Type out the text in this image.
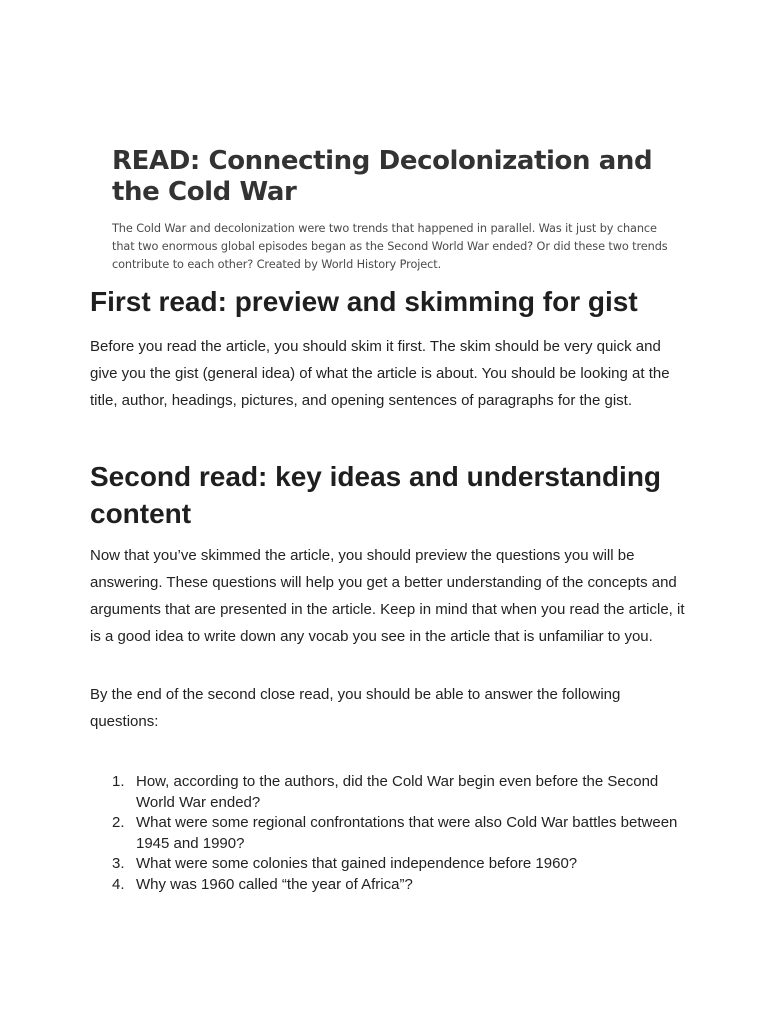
READ: Connecting Decolonization and the Cold War

The Cold War and decolonization were two trends that happened in parallel. Was it just by chance that two enormous global episodes began as the Second World War ended? Or did these two trends contribute to each other? Created by World History Project.

First read: preview and skimming for gist

Before you read the article, you should skim it first. The skim should be very quick and give you the gist (general idea) of what the article is about. You should be looking at the title, author, headings, pictures, and opening sentences of paragraphs for the gist.

Second read: key ideas and understanding content

Now that you’ve skimmed the article, you should preview the questions you will be answering. These questions will help you get a better understanding of the concepts and arguments that are presented in the article. Keep in mind that when you read the article, it is a good idea to write down any vocab you see in the article that is unfamiliar to you.

By the end of the second close read, you should be able to answer the following questions:

1. How, according to the authors, did the Cold War begin even before the Second World War ended?
2. What were some regional confrontations that were also Cold War battles between 1945 and 1990?
3. What were some colonies that gained independence before 1960?
4. Why was 1960 called “the year of Africa”?
